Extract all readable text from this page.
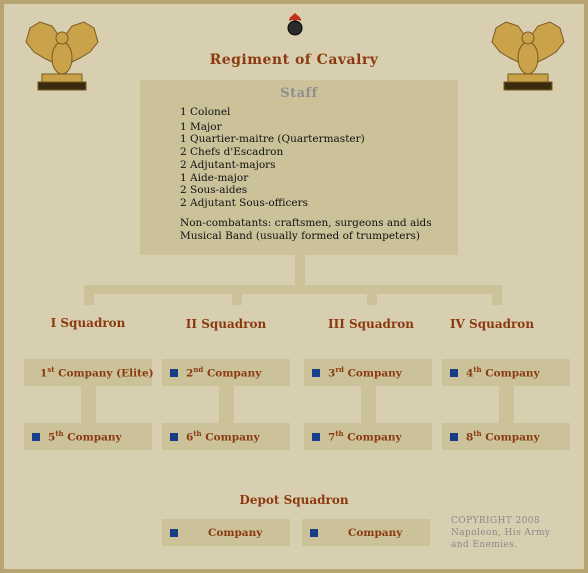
Regiment of Cavalry
Staff
1 Colonel
1 Major
1 Quartier-maitre (Quartermaster)
2 Chefs d'Escadron
2 Adjutant-majors
1 Aide-major
2 Sous-aides
2 Adjutant Sous-officers
Non-combatants: craftsmen, surgeons and aids
Musical Band (usually formed of trumpeters)
I Squadron	II Squadron	III Squadron	IV Squadron
1st Company (Elite)	2nd Company	3rd Company	4th Company
5th Company	6th Company	7th Company	8th Company
Depot Squadron
Company	Company
COPYRIGHT 2008
Napoleon, His Army
and Enemies.
